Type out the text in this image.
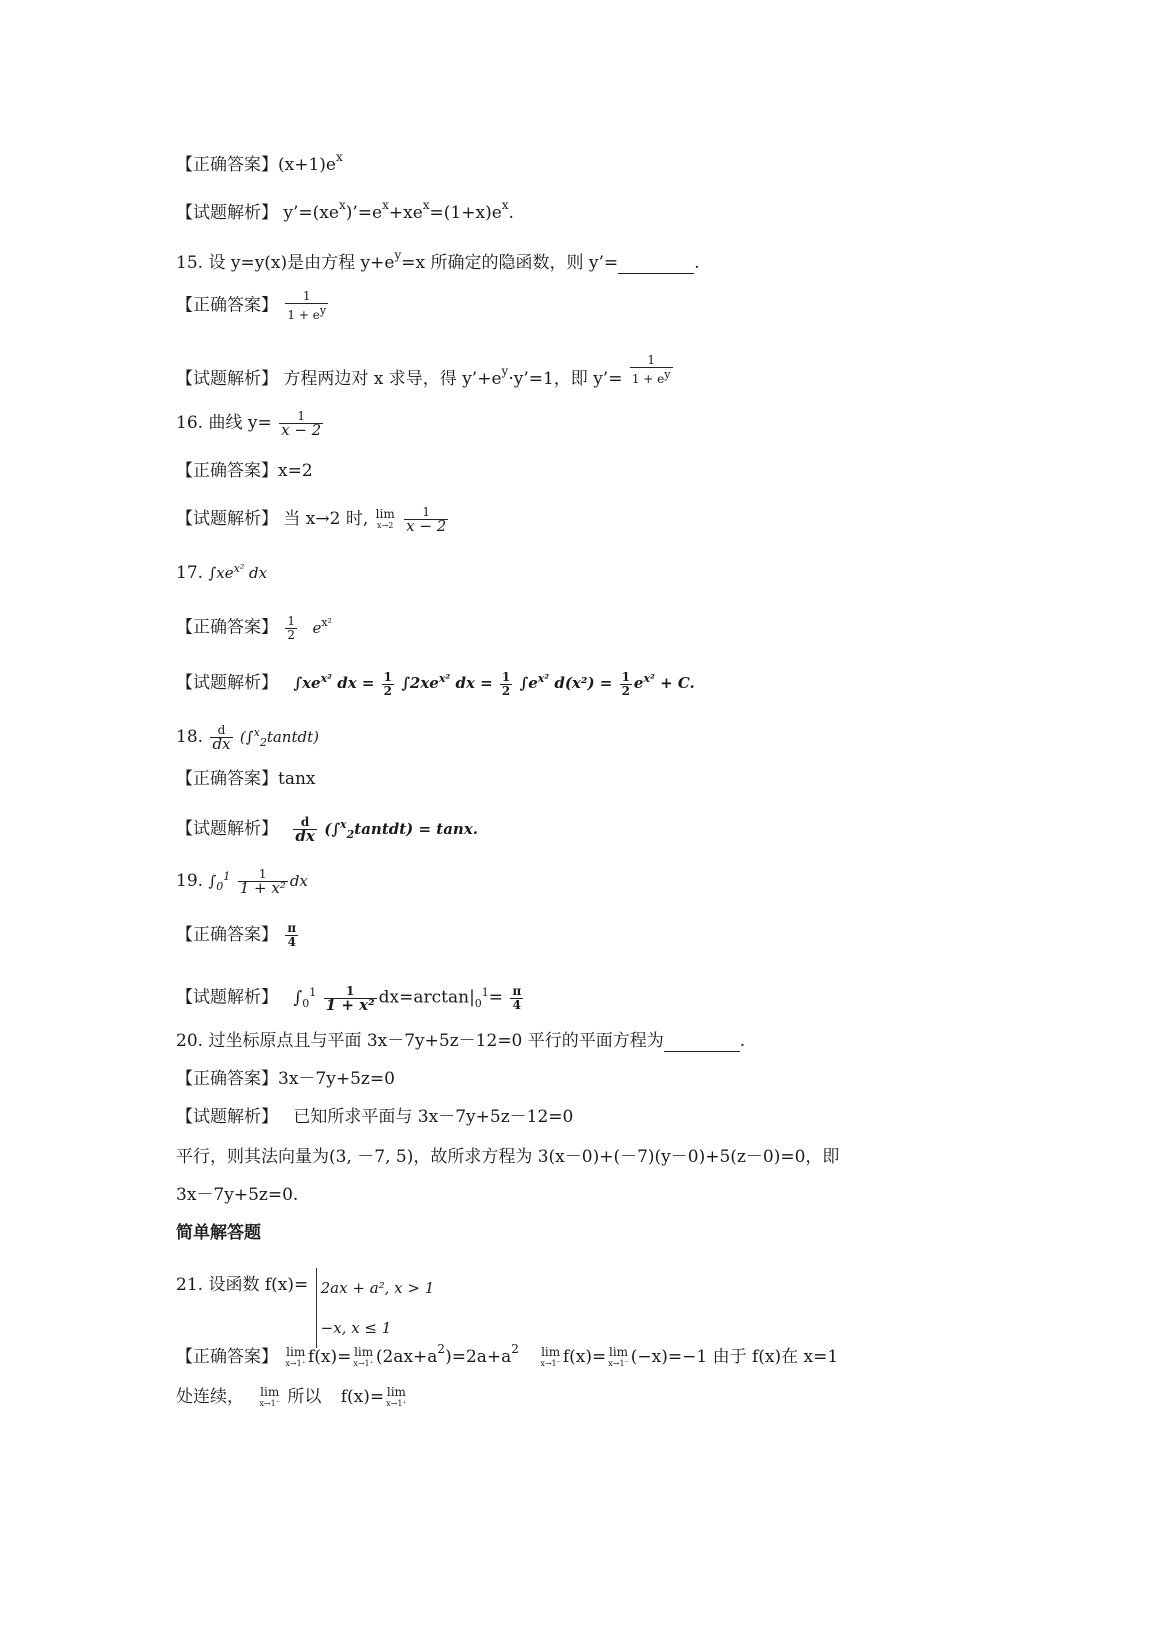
【正确答案】$(x+1)e^x$
【试题解析】 $y’=(xe^x)’=e^x+xe^x=(1+x)e^x$.
15. 设 y=y(x)是由方程 $y+e^y=x$ 所确定的隐函数，则 y’=	.
【正确答案】 $\frac{1}{1 + e^y}$
【试题解析】 方程两边对 x 求导，得 $y’+e^y\cdot y’=1$，即 y’= $\frac{1}{1 + e^y}$
16. 曲线 $y= \frac{1}{x - 2}$
【正确答案】x=2
【试题解析】 当 x→2 时, lim
x→2
$\frac{1}{x - 2}$
17. $\int xe^{x^2}$ dx
【正确答案】 $\frac{1}{2} e^{x^2}$
【试题解析】 $\int xe^{x^2}$ dx = $\frac{1}{2} \int 2xe^{x^2}$ dx = $\frac{1}{2} \int e^{x^2}$ $d(x^2) = \frac{1}{2} e^{x^2} + C$.
18. $\frac{d}{dx}$ (∫$^x_2$tantdt)
【正确答案】tanx
【试题解析】 $\frac{d}{dx}$ (∫$^x_2$tantdt) = tanx.
19. $\int_0^1 \frac{1}{\text{1 + x²}}$ dx
【正确答案】 $\frac{\pi}{4}$
【试题解析】 $\int_0^1 \frac{1}{\text{1 + x²}} dx=\arctan|_0^1= \frac{\pi}{4}$
20. 过坐标原点且与平面 3x－7y+5z－12=0 平行的平面方程为	.
【正确答案】3x－7y+5z=0
【试题解析】 已知所求平面与 3x－7y+5z－12=0
平行，则其法向量为(3, －7, 5)，故所求方程为 3(x－0)+(－7)(y－0)+5(z－0)=0，即
3x－7y+5z=0.
简单解答题
21. 设函数 f(x)= 2ax + a², x > 1
−x, x ≤ 1
【正确答案】 lim
x→1⁺ f(x)= lim
x→1⁺ $(2ax+a^2)=2a+a^2$ lim
x→1⁻ f(x)= lim
x→1⁻ (−x)=−1 由于 f(x)在 x=1
处连续， lim
x→1⁻ 所以 f(x)= lim
x→1⁺
